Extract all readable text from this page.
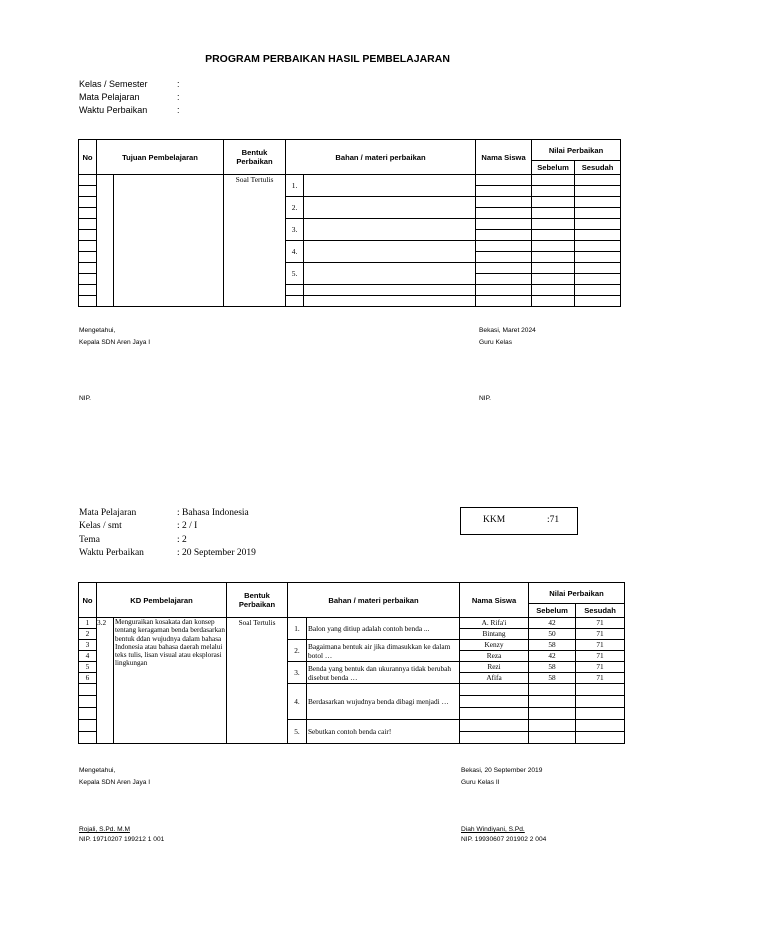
PROGRAM PERBAIKAN HASIL PEMBELAJARAN
Kelas / Semester	:
Mata Pelajaran	:
Waktu Perbaikan	:
No	Tujuan Pembelajaran		Bentuk Perbaikan	Bahan / materi perbaikan		Nama Siswa	Nilai Perbaikan	
							Sebelum	Sesudah
			Soal Tertulis	1.				

				2.				

				3.				

				4.				

				5.				

Mengetahui,
Kepala SDN Aren Jaya I
NIP.
Bekasi, Maret 2024
Guru Kelas
NIP.
Mata Pelajaran	: Bahasa Indonesia
Kelas / smt	: 2 / I
Tema	: 2
Waktu Perbaikan	: 20 September 2019
KKM	:71
No	KD Pembelajaran		Bentuk Perbaikan	Bahan / materi perbaikan		Nama Siswa	Nilai Perbaikan	
							Sebelum	Sesudah
1	3.2	Menguraikan kosakata dan konsep tentang keragaman benda berdasarkan bentuk ddan wujudnya dalam bahasa Indonesia atau bahasa daerah melalui teks tulis, lisan visual atau eksplorasi lingkungan	Soal Tertulis	1.	Balon yang ditiup adalah contoh benda ...	A. Rifa'i	42	71
2						Bintang	50	71
3				2.	Bagaimana bentuk air jika dimasukkan ke dalam botol …	Kenzy	58	71
4						Reza	42	71
5				3.	Benda yang bentuk dan ukurannya tidak berubah disebut benda …	Rezi	58	71
6						Afifa	58	71
				4.	Berdasarkan wujudnya benda dibagi menjadi …			

				5.	Sebutkan contoh benda cair!			

Mengetahui,
Kepala SDN Aren Jaya I
Rojali, S.Pd. M.M
NIP. 19710207 199212 1 001
Bekasi, 20 September 2019
Guru Kelas II
Diah Windiyani, S.Pd.
NIP. 19930607 201902 2 004
